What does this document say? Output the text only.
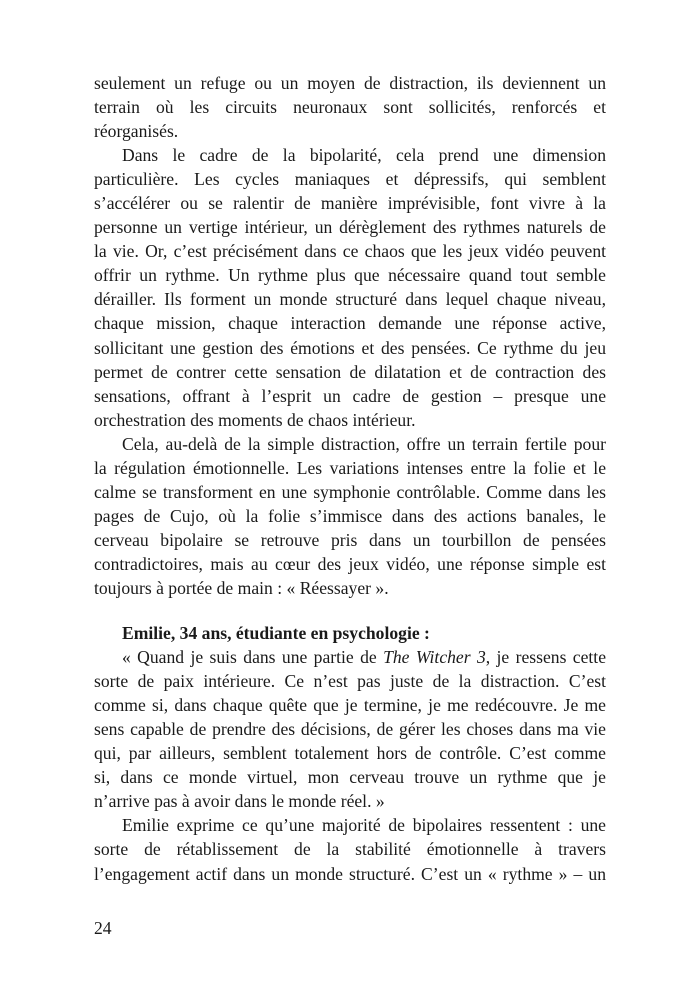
seulement un refuge ou un moyen de distraction, ils deviennent un
terrain où les circuits neuronaux sont sollicités, renforcés et
réorganisés.
Dans le cadre de la bipolarité, cela prend une dimension
particulière. Les cycles maniaques et dépressifs, qui semblent
s’accélérer ou se ralentir de manière imprévisible, font vivre à la
personne un vertige intérieur, un dérèglement des rythmes naturels de
la vie. Or, c’est précisément dans ce chaos que les jeux vidéo peuvent
offrir un rythme. Un rythme plus que nécessaire quand tout semble
dérailler. Ils forment un monde structuré dans lequel chaque niveau,
chaque mission, chaque interaction demande une réponse active,
sollicitant une gestion des émotions et des pensées. Ce rythme du jeu
permet de contrer cette sensation de dilatation et de contraction des
sensations, offrant à l’esprit un cadre de gestion – presque une
orchestration des moments de chaos intérieur.
Cela, au-delà de la simple distraction, offre un terrain fertile pour
la régulation émotionnelle. Les variations intenses entre la folie et le
calme se transforment en une symphonie contrôlable. Comme dans les
pages de Cujo, où la folie s’immisce dans des actions banales, le
cerveau bipolaire se retrouve pris dans un tourbillon de pensées
contradictoires, mais au cœur des jeux vidéo, une réponse simple est
toujours à portée de main : « Réessayer ».
Emilie, 34 ans, étudiante en psychologie :
« Quand je suis dans une partie de The Witcher 3, je ressens cette
sorte de paix intérieure. Ce n’est pas juste de la distraction. C’est
comme si, dans chaque quête que je termine, je me redécouvre. Je me
sens capable de prendre des décisions, de gérer les choses dans ma vie
qui, par ailleurs, semblent totalement hors de contrôle. C’est comme
si, dans ce monde virtuel, mon cerveau trouve un rythme que je
n’arrive pas à avoir dans le monde réel. »
Emilie exprime ce qu’une majorité de bipolaires ressentent : une
sorte de rétablissement de la stabilité émotionnelle à travers
l’engagement actif dans un monde structuré. C’est un « rythme » – un
24
